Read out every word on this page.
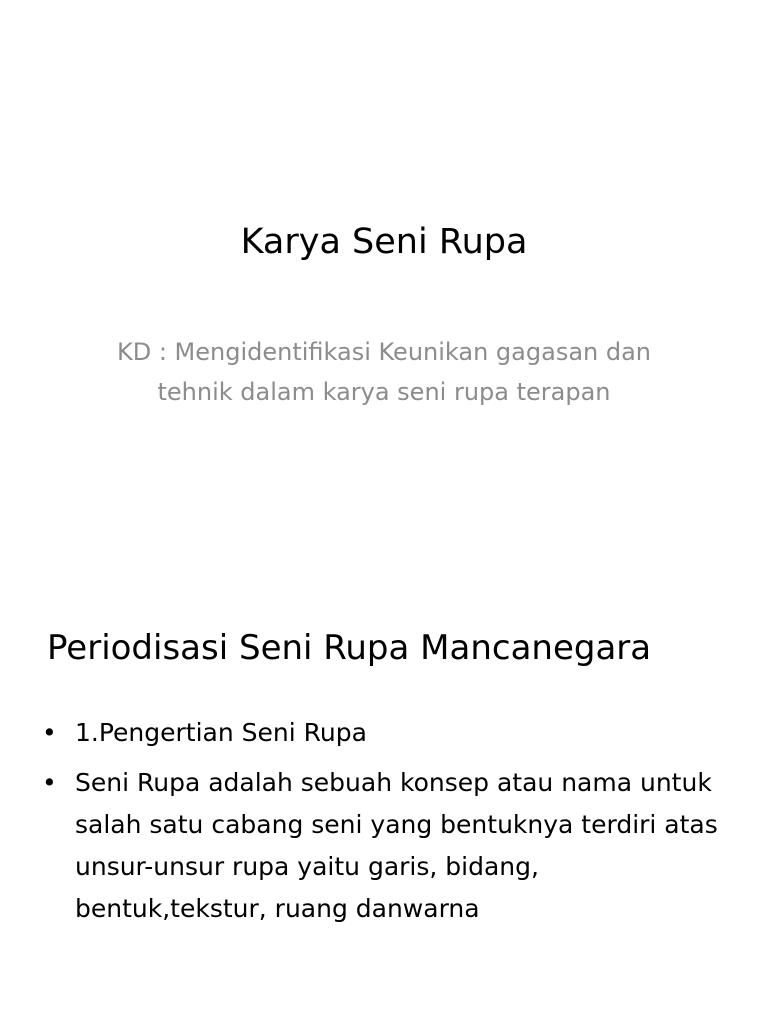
Karya Seni Rupa

KD : Mengidentifikasi Keunikan gagasan dan tehnik dalam karya seni rupa terapan

Periodisasi Seni Rupa Mancanegara
• 1.Pengertian Seni Rupa
• Seni Rupa adalah sebuah konsep atau nama untuk salah satu cabang seni yang bentuknya terdiri atas unsur-unsur rupa yaitu garis, bidang, bentuk,tekstur, ruang danwarna
